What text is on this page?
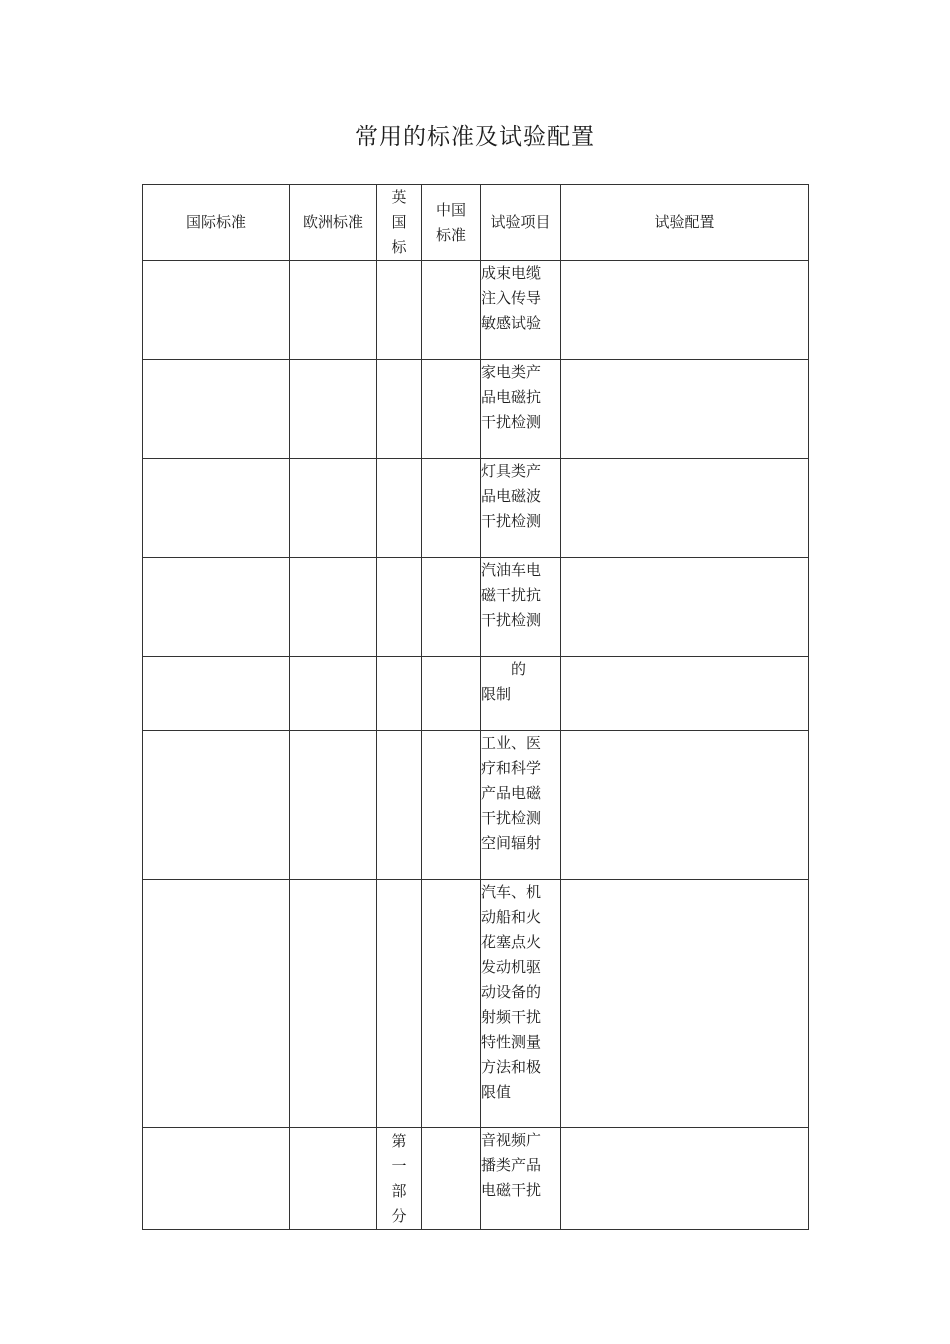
常用的标准及试验配置
国际标准	欧洲标准	英国标	中国标准	试验项目	试验配置

				成束电缆注入传导敏感试验	

				家电类产品电磁抗干扰检测	

				灯具类产品电磁波干扰检测	

				汽油车电磁干扰抗干扰检测	

				的
限制	

				工业、医疗和科学产品电磁干扰检测空间辐射	

				汽车、机动船和火花塞点火发动机驱动设备的射频干扰特性测量方法和极限值	

		第一部分		音视频广播类产品电磁干扰	
